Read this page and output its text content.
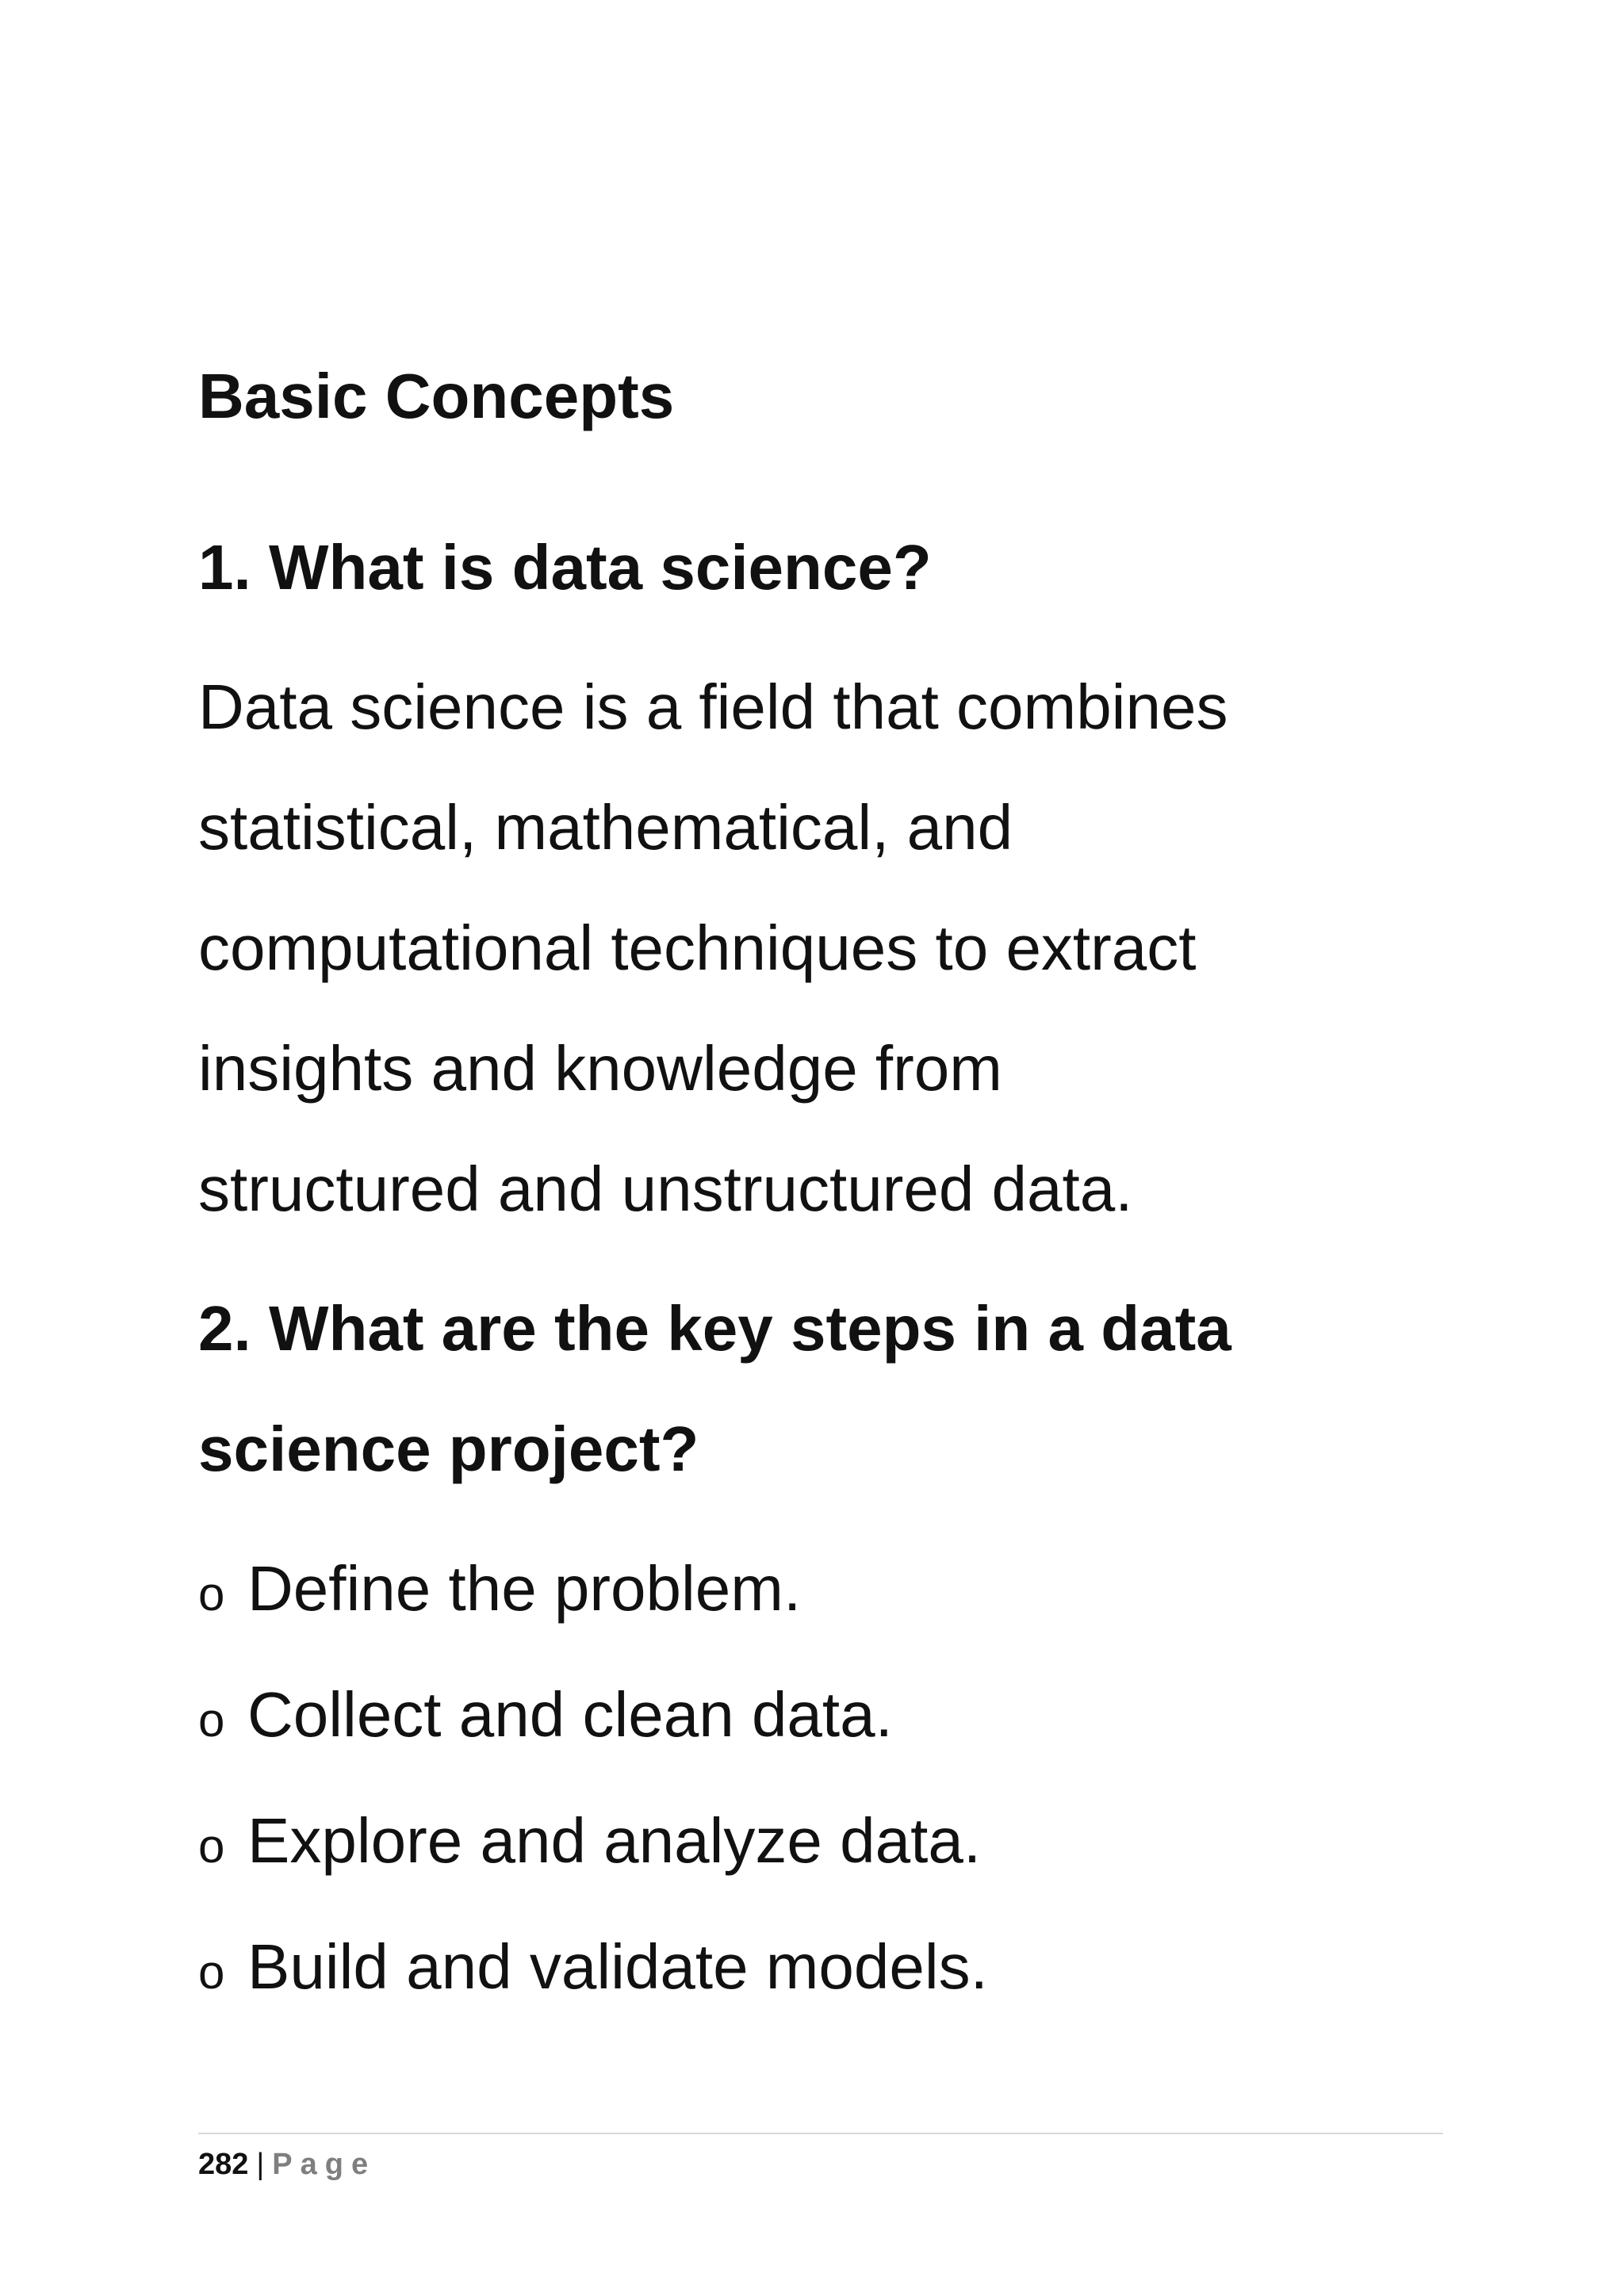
Basic Concepts
1. What is data science?
Data science is a field that combines
statistical, mathematical, and
computational techniques to extract
insights and knowledge from
structured and unstructured data.
2. What are the key steps in a data
science project?
o Define the problem.
o Collect and clean data.
o Explore and analyze data.
o Build and validate models.
282 | Page
